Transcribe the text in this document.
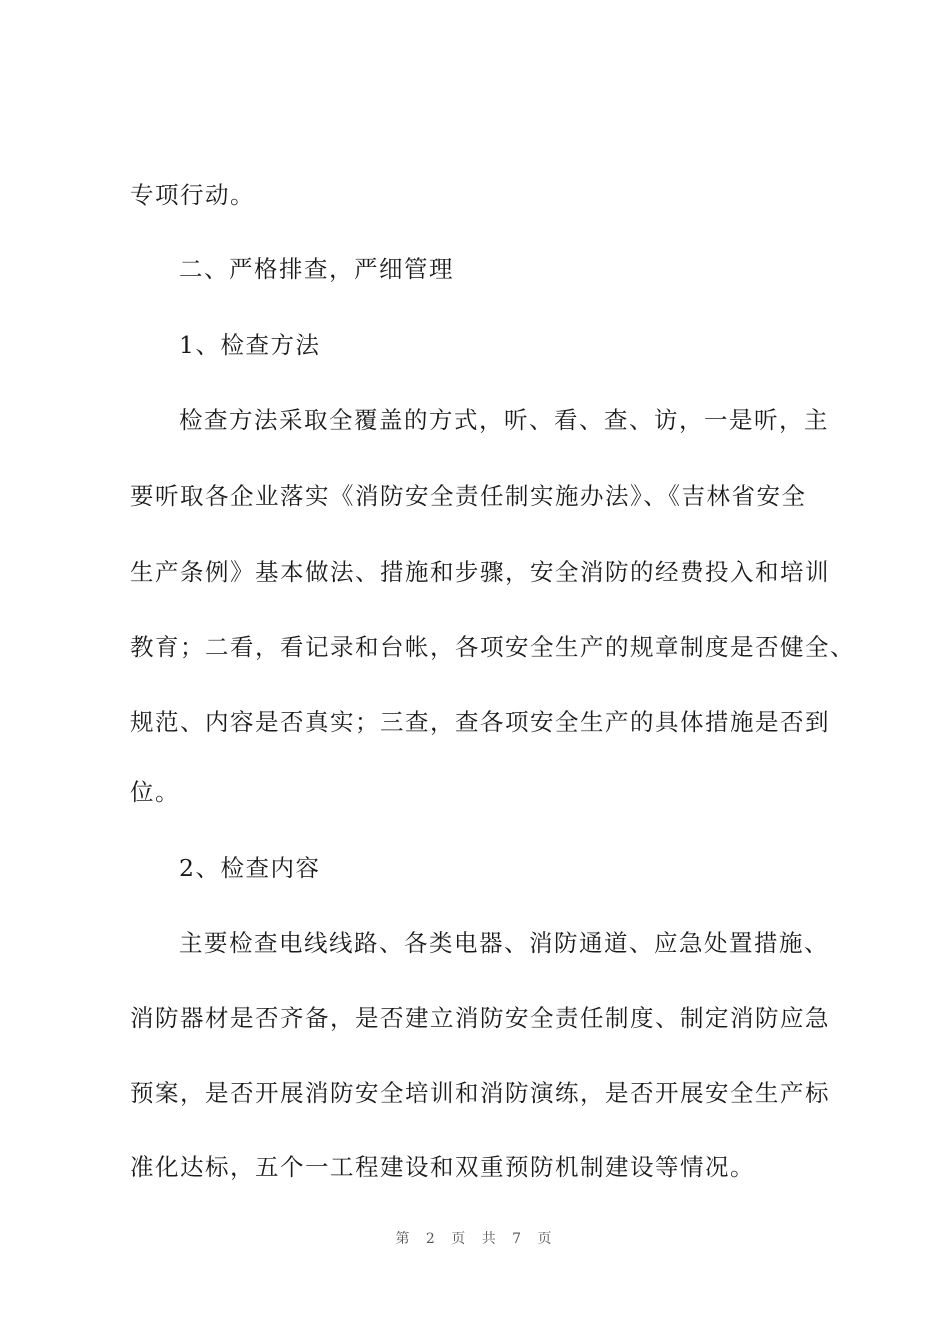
专项行动。
二、严格排查，严细管理
1、检查方法
检查方法采取全覆盖的方式，听、看、查、访，一是听，主
要听取各企业落实《消防安全责任制实施办法》、《吉林省安全
生产条例》基本做法、措施和步骤，安全消防的经费投入和培训
教育；二看，看记录和台帐，各项安全生产的规章制度是否健全、
规范、内容是否真实；三查，查各项安全生产的具体措施是否到
位。
2、检查内容
主要检查电线线路、各类电器、消防通道、应急处置措施、
消防器材是否齐备，是否建立消防安全责任制度、制定消防应急
预案，是否开展消防安全培训和消防演练，是否开展安全生产标
准化达标，五个一工程建设和双重预防机制建设等情况。
第 2 页 共 7 页
